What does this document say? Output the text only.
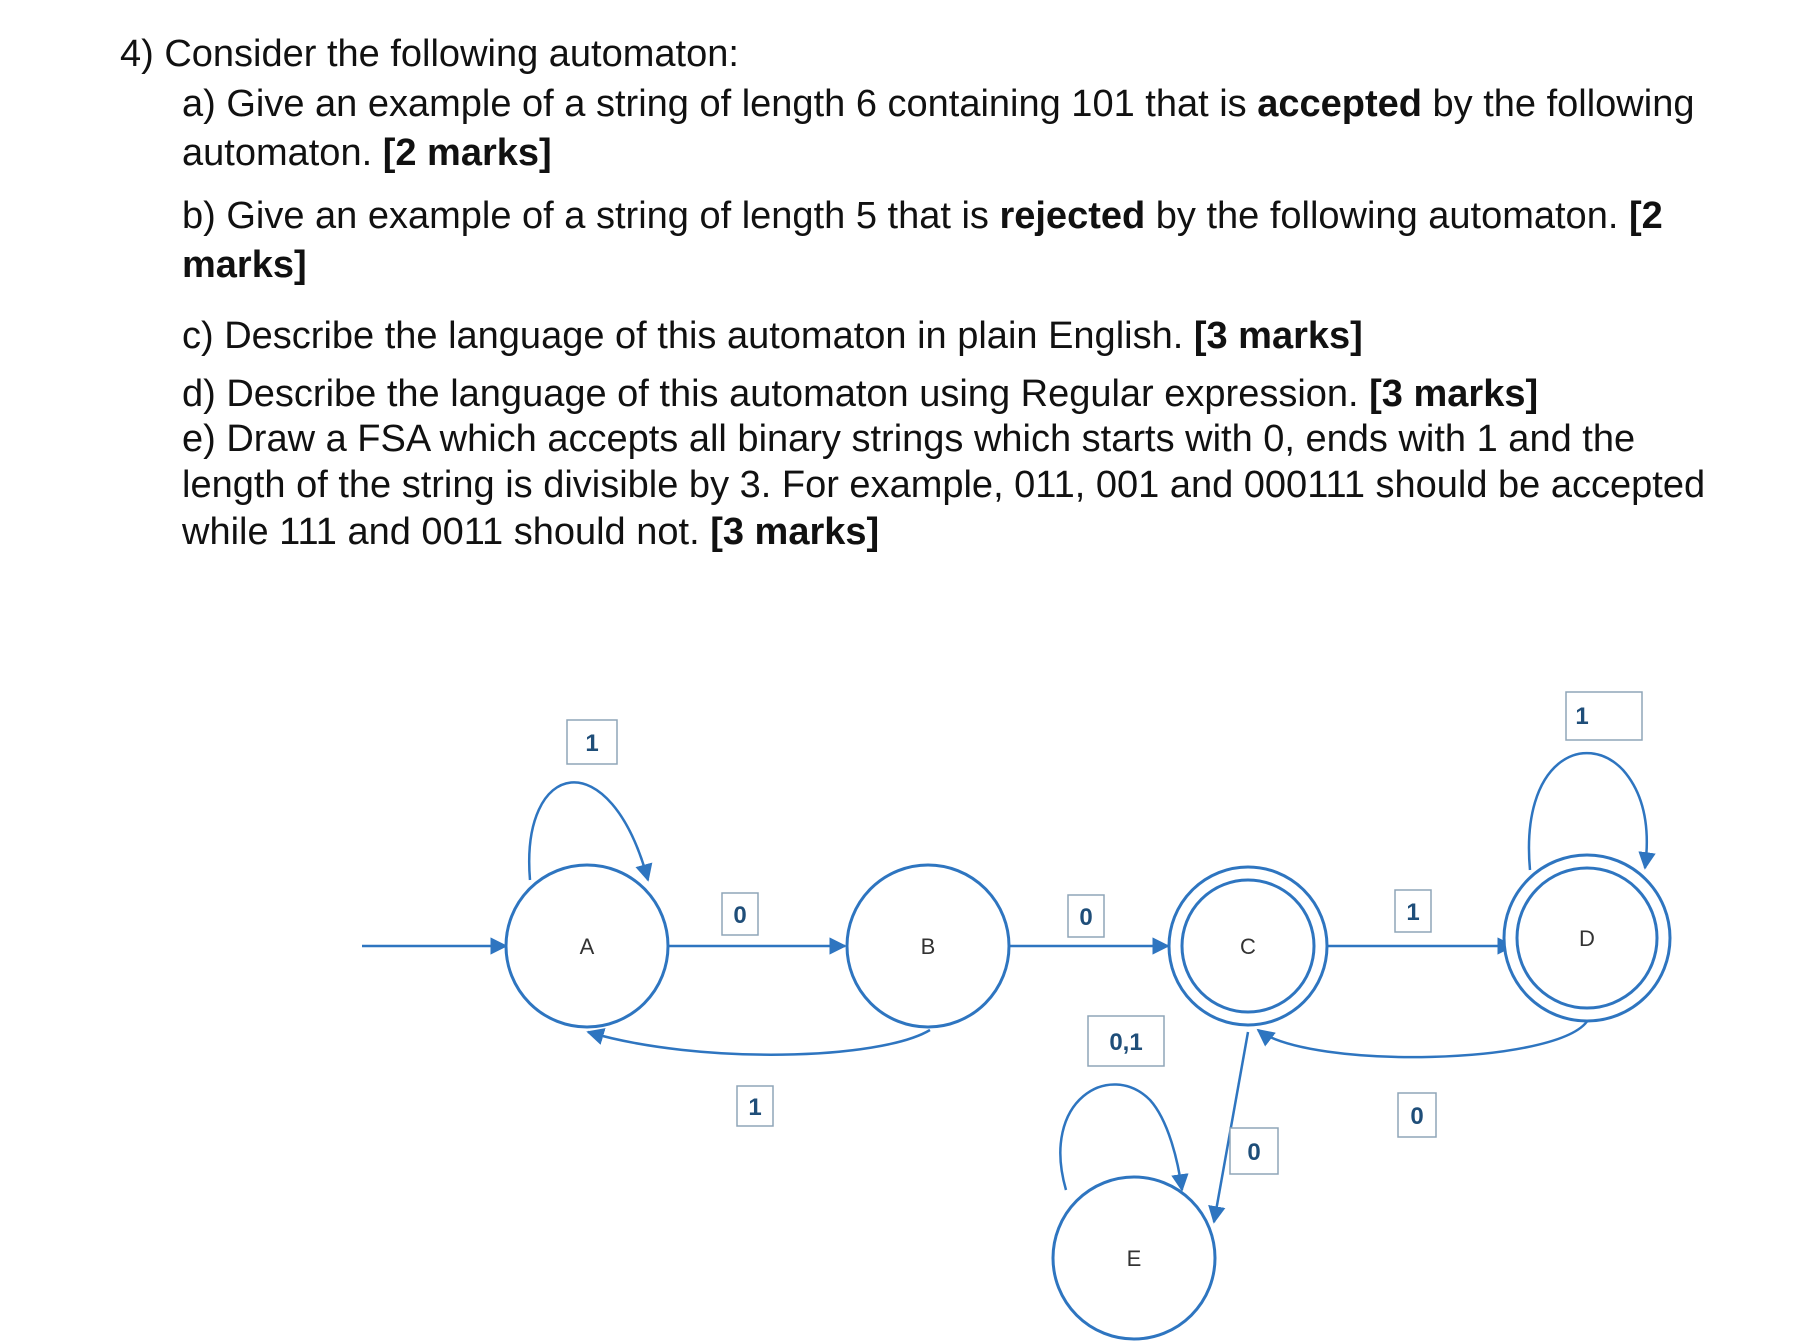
4) Consider the following automaton:
a) Give an example of a string of length 6 containing 101 that is accepted by the following automaton. [2 marks]
b) Give an example of a string of length 5 that is rejected by the following automaton. [2 marks]
c) Describe the language of this automaton in plain English. [3 marks]
d) Describe the language of this automaton using Regular expression. [3 marks]
e) Draw a FSA which accepts all binary strings which starts with 0, ends with 1 and the length of the string is divisible by 3. For example, 011, 001 and 000111 should be accepted while 111 and 0011 should not. [3 marks]
1
0
1
0	1
1
0
0
0,1
A	B	C	D
E
